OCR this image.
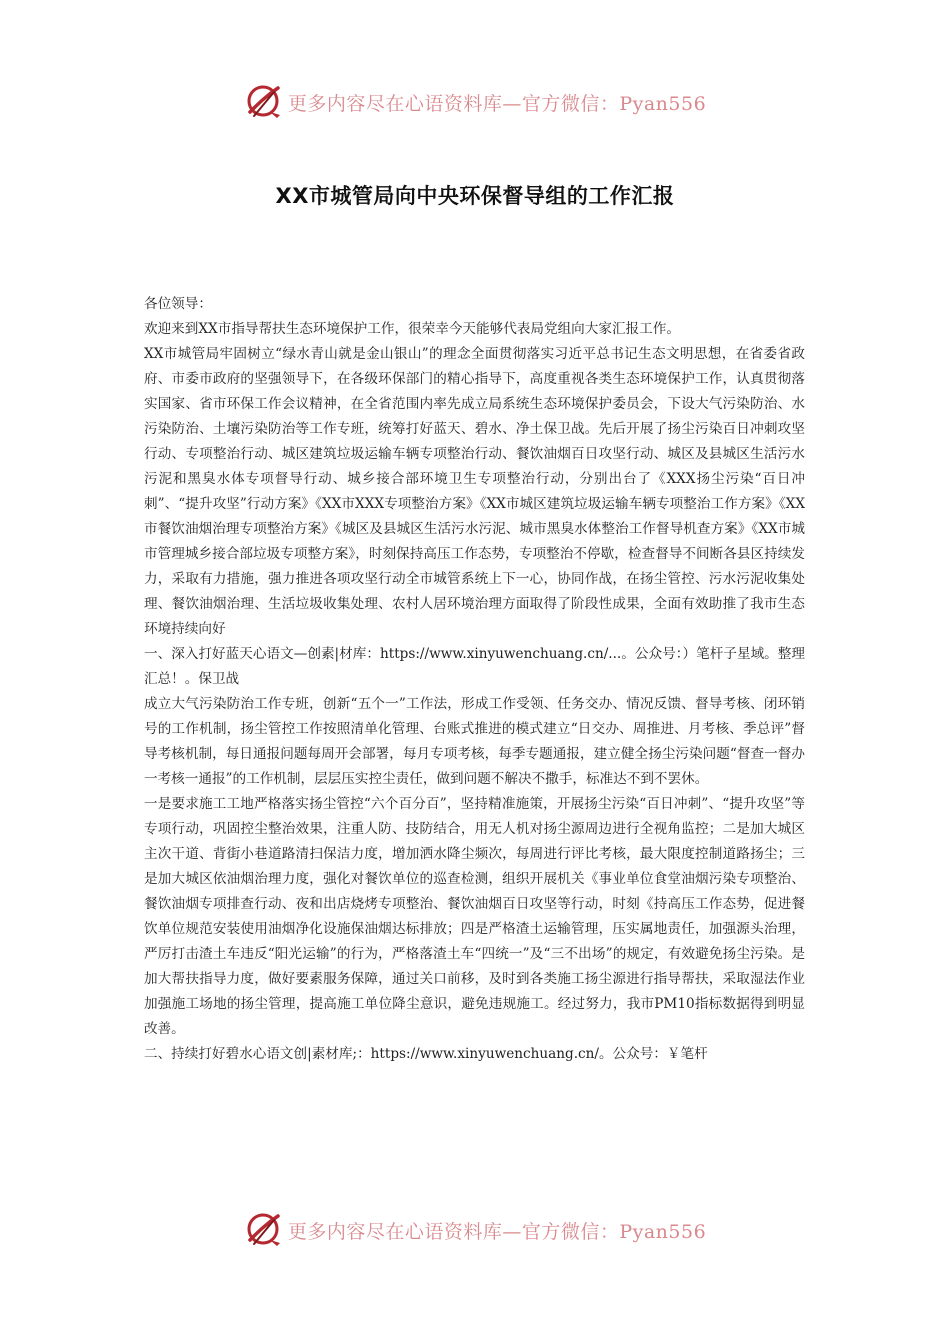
更多内容尽在心语资料库—官方微信：Pyan556
XX市城管局向中央环保督导组的工作汇报

各位领导：

欢迎来到XX市指导帮扶生态环境保护工作，很荣幸今天能够代表局党组向大家汇报工作。

XX市城管局牢固树立“绿水青山就是金山银山”的理念全面贯彻落实习近平总书记生态文明思想，在省委省政府、市委市政府的坚强领导下，在各级环保部门的精心指导下，高度重视各类生态环境保护工作，认真贯彻落实国家、省市环保工作会议精神，在全省范围内率先成立局系统生态环境保护委员会，下设大气污染防治、水污染防治、土壤污染防治等工作专班，统筹打好蓝天、碧水、净土保卫战。先后开展了扬尘污染百日冲刺攻坚行动、专项整治行动、城区建筑垃圾运输车辆专项整治行动、餐饮油烟百日攻坚行动、城区及县城区生活污水污泥和黑臭水体专项督导行动、城乡接合部环境卫生专项整治行动，分别出台了《XXX扬尘污染“百日冲刺”、“提升攻坚”行动方案》《XX市XXX专项整治方案》《XX市城区建筑垃圾运输车辆专项整治工作方案》《XX市餐饮油烟治理专项整治方案》《城区及县城区生活污水污泥、城市黑臭水体整治工作督导机查方案》《XX市城市管理城乡接合部垃圾专项整方案》，时刻保持高压工作态势，专项整治不停歇，检查督导不间断各县区持续发力，采取有力措施，强力推进各项攻坚行动全市城管系统上下一心，协同作战，在扬尘管控、污水污泥收集处理、餐饮油烟治理、生活垃圾收集处理、农村人居环境治理方面取得了阶段性成果，全面有效助推了我市生态环境持续向好

一、深入打好蓝天心语文—创素|材库：https://www.xinyuwenchuang.cn/...。公众号：）笔杆子星域。整理汇总！。保卫战

成立大气污染防治工作专班，创新“五个一”工作法，形成工作受领、任务交办、情况反馈、督导考核、闭环销号的工作机制，扬尘管控工作按照清单化管理、台账式推进的模式建立“日交办、周推进、月考核、季总评”督导考核机制，每日通报问题每周开会部署，每月专项考核，每季专题通报，建立健全扬尘污染问题“督查一督办一考核一通报”的工作机制，层层压实控尘责任，做到问题不解决不撒手，标准达不到不罢休。

一是要求施工工地严格落实扬尘管控“六个百分百”，坚持精准施策，开展扬尘污染“百日冲刺”、“提升攻坚”等专项行动，巩固控尘整治效果，注重人防、技防结合，用无人机对扬尘源周边进行全视角监控；二是加大城区主次干道、背街小巷道路清扫保洁力度，增加洒水降尘频次，每周进行评比考核，最大限度控制道路扬尘；三是加大城区依油烟治理力度，强化对餐饮单位的巡查检测，组织开展机关《事业单位食堂油烟污染专项整治、餐饮油烟专项排查行动、夜和出店烧烤专项整治、餐饮油烟百日攻坚等行动，时刻《持高压工作态势，促进餐饮单位规范安装使用油烟净化设施保油烟达标排放；四是严格渣土运输管理，压实属地责任，加强源头治理，严厉打击渣土车违反“阳光运输”的行为，严格落渣土车“四统一”及“三不出场”的规定，有效避免扬尘污染。是加大帮扶指导力度，做好要素服务保障，通过关口前移，及时到各类施工扬尘源进行指导帮扶，采取湿法作业加强施工场地的扬尘管理，提高施工单位降尘意识，避免违规施工。经过努力，我市PM10指标数据得到明显改善。

二、持续打好碧水心语文创|素材库;：https://www.xinyuwenchuang.cn/。公众号：￥笔杆

更多内容尽在心语资料库—官方微信：Pyan556
